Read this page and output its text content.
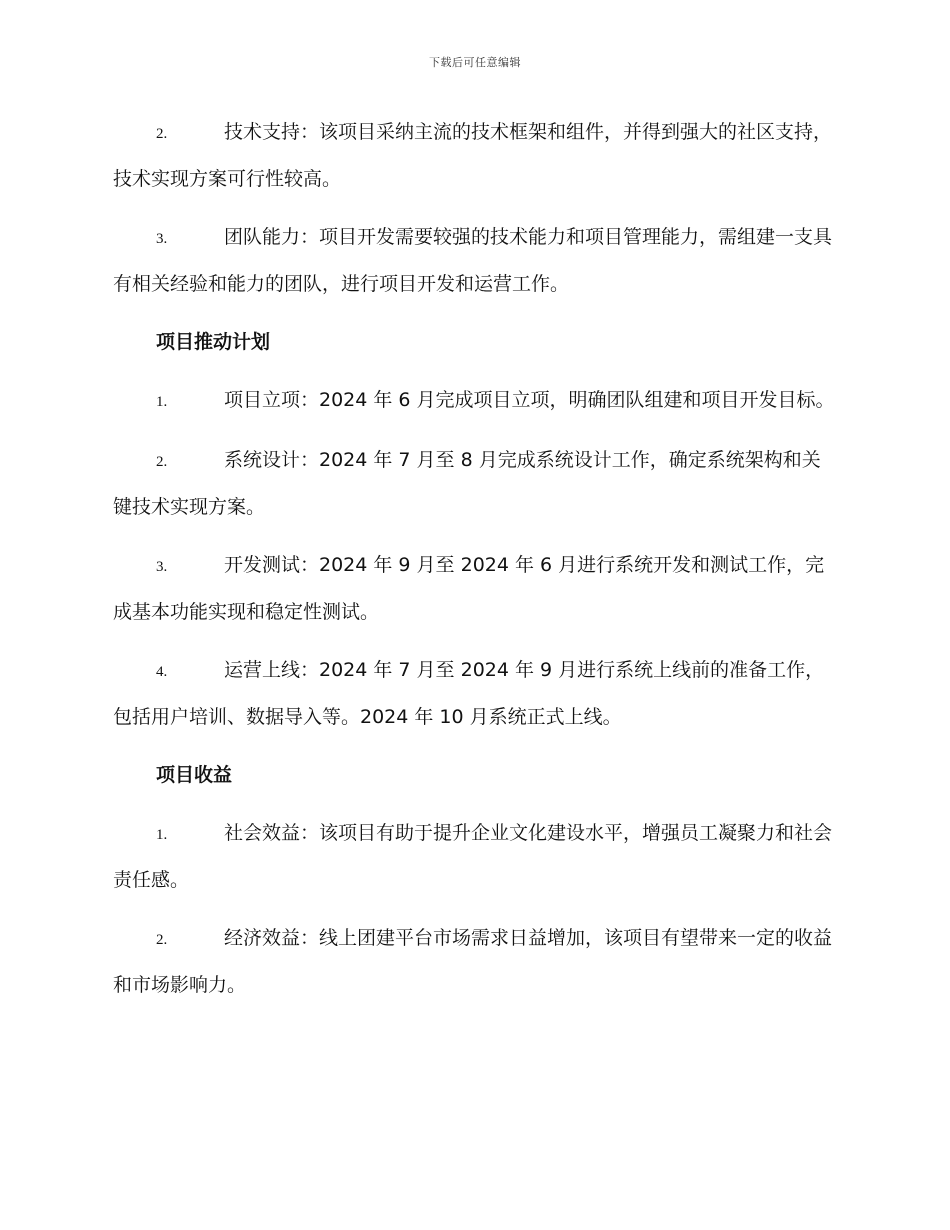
下载后可任意编辑

2.	技术支持：该项目采纳主流的技术框架和组件，并得到强大的社区支持，技术实现方案可行性较高。

3.	团队能力：项目开发需要较强的技术能力和项目管理能力，需组建一支具有相关经验和能力的团队，进行项目开发和运营工作。

项目推动计划

1.	项目立项：2024 年 6 月完成项目立项，明确团队组建和项目开发目标。

2.	系统设计：2024 年 7 月至 8 月完成系统设计工作，确定系统架构和关键技术实现方案。

3.	开发测试：2024 年 9 月至 2024 年 6 月进行系统开发和测试工作，完成基本功能实现和稳定性测试。

4.	运营上线：2024 年 7 月至 2024 年 9 月进行系统上线前的准备工作，包括用户培训、数据导入等。2024 年 10 月系统正式上线。

项目收益

1.	社会效益：该项目有助于提升企业文化建设水平，增强员工凝聚力和社会责任感。

2.	经济效益：线上团建平台市场需求日益增加，该项目有望带来一定的收益和市场影响力。
